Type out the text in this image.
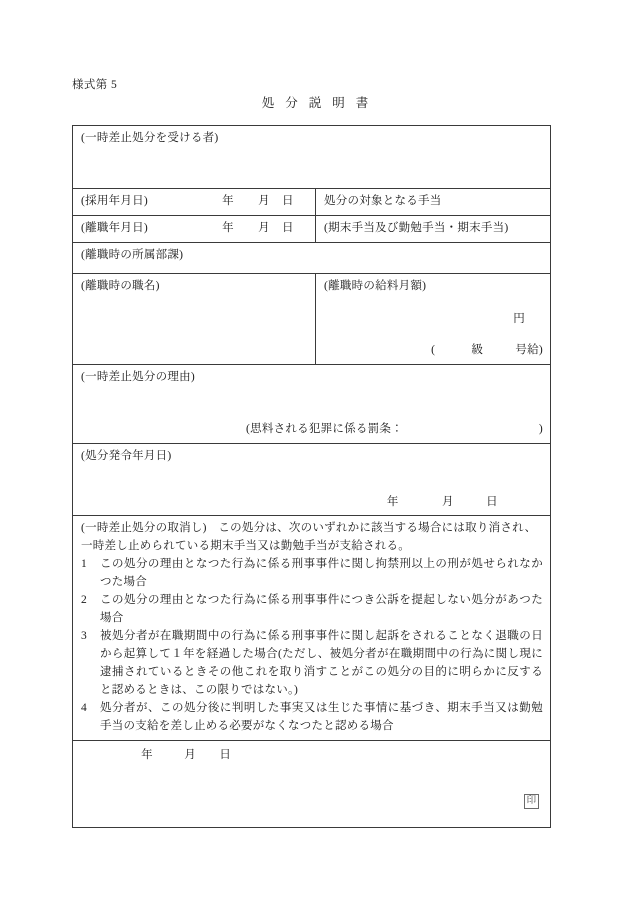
様式第 5
処分説明書
(一時差止処分を受ける者)	

(採用年月日) 年 月 日	処分の対象となる手当

(離職年月日) 年 月 日	(期末手当及び勤勉手当・期末手当)
(離職時の所属部課)	
(離職時の職名)	(離職時の給料月額)
円
( 級 号給)

(一時差止処分の理由)
(思料される犯罪に係る罰条： )	

(処分発令年月日)
年 月 日	

(一時差止処分の取消し)　この処分は、次のいずれかに該当する場合には取り消され、一時差し止められている期末手当又は勤勉手当が支給される。

1	この処分の理由となつた行為に係る刑事事件に関し拘禁刑以上の刑が処せられなかつた場合
2	この処分の理由となつた行為に係る刑事事件につき公訴を提起しない処分があつた場合
3	被処分者が在職期間中の行為に係る刑事事件に関し起訴をされることなく退職の日から起算して１年を経過した場合(ただし、被処分者が在職期間中の行為に関し現に逮捕されているときその他これを取り消すことがこの処分の目的に明らかに反すると認めるときは、この限りではない。)
4	処分者が、この処分後に判明した事実又は生じた事情に基づき、期末手当又は勤勉手当の支給を差し止める必要がなくなつたと認める場合

年 月 日
印	
